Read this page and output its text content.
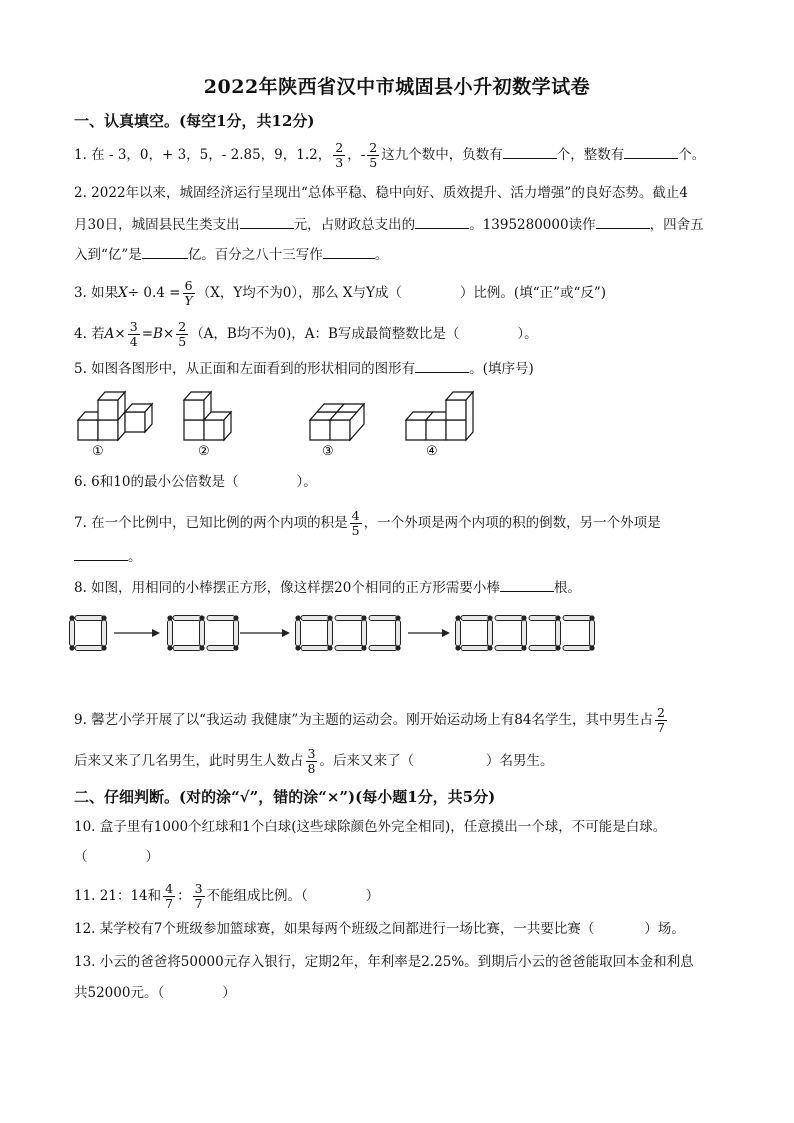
2022年陕西省汉中市城固县小升初数学试卷
一、认真填空。(每空1分，共12分)
1. 在 - 3，0，+ 3，5，- 2.85，9，1.2， $\frac{2}{3}$ ，- $\frac{2}{5}$ 这九个数中，负数有	个，整数有	个。
2. 2022年以来，城固经济运行呈现出“总体平稳、稳中向好、质效提升、活力增强”的良好态势。截止4
月30日，城固县民生类支出	元，占财政总支出的	。1395280000读作	，四舍五
入到“亿”是	亿。百分之八十三写作	。
3. 如果$X\div 0.4 = \frac{6}{Y} (X$，Y均不为0），那么 X与Y成（	）比例。(填“正”或“反”)
4. 若$A\times \frac{3}{4} =B\times \frac{2}{5} (A$，B均不为0)，A：B写成最简整数比是（	）。
5. 如图各图形中，从正面和左面看到的形状相同的图形有	。(填序号)
①	②	③	④
6. 6和10的最小公倍数是（	）。
7. 在一个比例中，已知比例的两个内项的积是 $\frac{4}{5}$ ，一个外项是两个内项的积的倒数，另一个外项是
。
8. 如图，用相同的小棒摆正方形，像这样摆20个相同的正方形需要小棒	根。
9. 馨艺小学开展了以“我运动 我健康”为主题的运动会。刚开始运动场上有84名学生，其中男生占 $\frac{2}{7}$
后来又来了几名男生，此时男生人数占 $\frac{3}{8}$ 。后来又来了（	）名男生。
二、仔细判断。(对的涂“√”，错的涂“×”)(每小题1分，共5分)
10. 盒子里有1000个红球和1个白球(这些球除颜色外完全相同)，任意摸出一个球，不可能是白球。
（	）
11. 21：14和 $\frac{4}{7}$ ： $\frac{3}{7}$ 不能组成比例。（	）
12. 某学校有7个班级参加篮球赛，如果每两个班级之间都进行一场比赛，一共要比赛（	）场。
13. 小云的爸爸将50000元存入银行，定期2年，年利率是2.25%。到期后小云的爸爸能取回本金和利息
共52000元。（	）
